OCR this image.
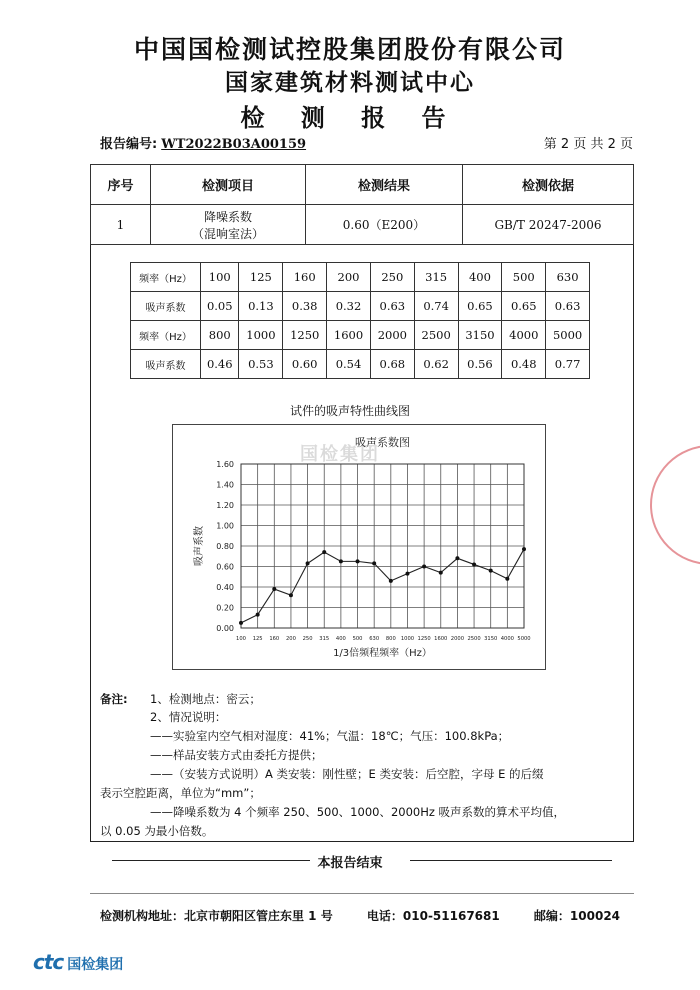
中国国检测试控股集团股份有限公司
国家建筑材料测试中心
检 测 报 告
报告编号: WT2022B03A00159	第 2 页 共 2 页
序号	检测项目	检测结果	检测依据
1	降噪系数
（混响室法）	0.60（E200）	GB/T 20247-2006
频率（Hz）	100	125	160	200	250	315	400	500	630
吸声系数	0.05	0.13	0.38	0.32	0.63	0.74	0.65	0.65	0.63
频率（Hz）	800	1000	1250	1600	2000	2500	3150	4000	5000
吸声系数	0.46	0.53	0.60	0.54	0.68	0.62	0.56	0.48	0.77
试件的吸声特性曲线图
1.60
1.40
1.20
1.00
0.80
0.60
0.40
0.20
0.00
100 125 160 200 250 315 400 500 630 800 1000 1250 1600 2000 2500 3150 4000 5000
吸声系数图
1/3倍频程频率（Hz）
吸声系数
国检集团
备注: 1、检测地点：密云；
2、情况说明：
——实验室内空气相对湿度：41%；气温：18℃；气压：100.8kPa；
——样品安装方式由委托方提供；
——（安装方式说明）A 类安装：刚性壁；E 类安装：后空腔，字母 E 的后缀
表示空腔距离，单位为“mm”；
——降噪系数为 4 个频率 250、500、1000、2000Hz 吸声系数的算术平均值，
以 0.05 为最小倍数。
本报告结束
检测机构地址：北京市朝阳区管庄东里 1 号	电话：010-51167681	邮编：100024
ctc 国检集团
